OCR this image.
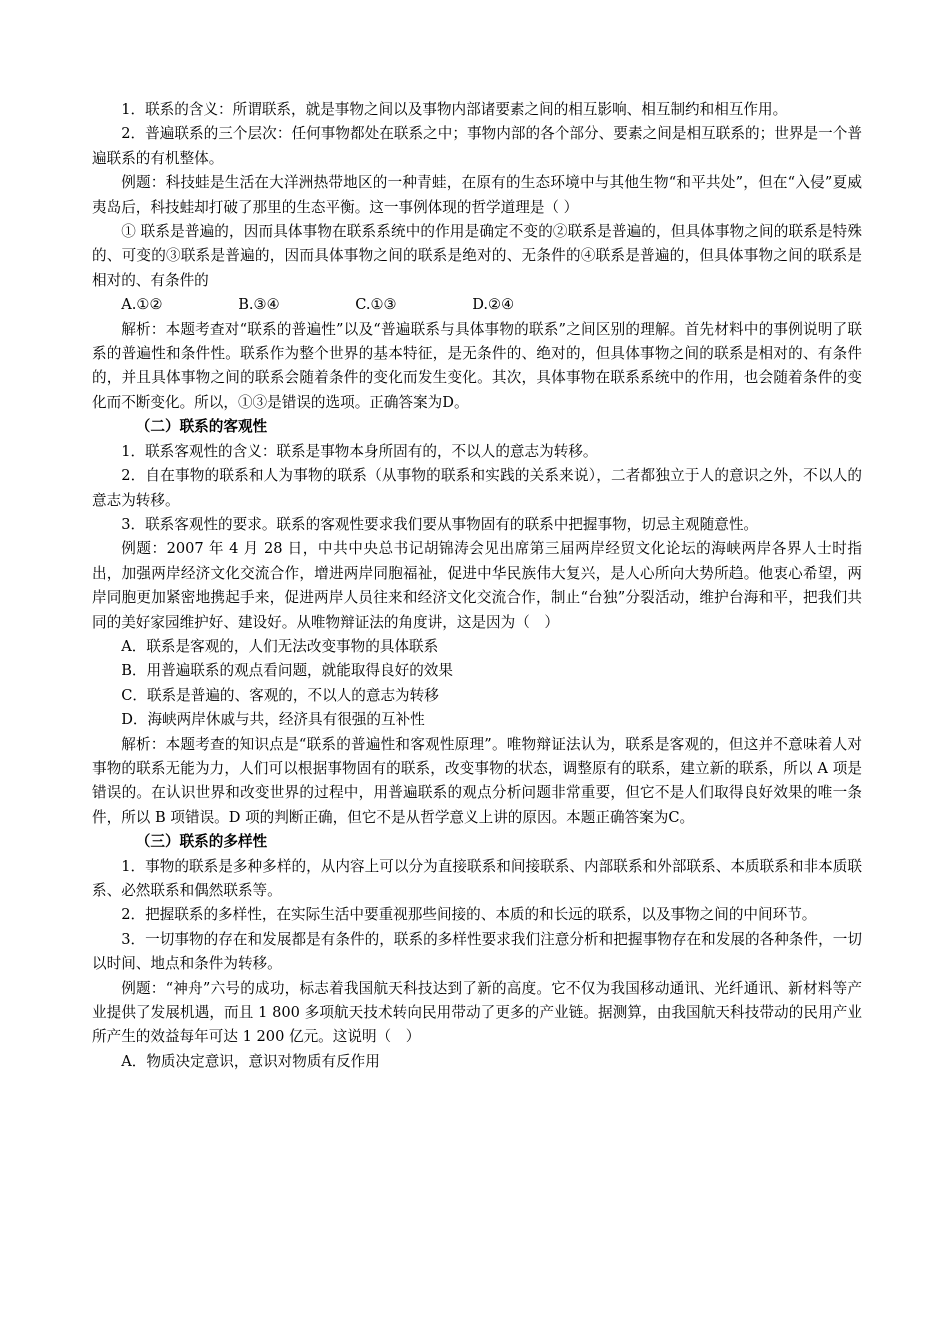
1．联系的含义：所谓联系，就是事物之间以及事物内部诸要素之间的相互影响、相互制约和相互作用。

2．普遍联系的三个层次：任何事物都处在联系之中；事物内部的各个部分、要素之间是相互联系的；世界是一个普遍联系的有机整体。

例题：科技蛙是生活在大洋洲热带地区的一种青蛙，在原有的生态环境中与其他生物“和平共处”，但在“入侵”夏威夷岛后，科技蛙却打破了那里的生态平衡。这一事例体现的哲学道理是（ ）

① 联系是普遍的，因而具体事物在联系系统中的作用是确定不变的②联系是普遍的，但具体事物之间的联系是特殊的、可变的③联系是普遍的，因而具体事物之间的联系是绝对的、无条件的④联系是普遍的，但具体事物之间的联系是相对的、有条件的

A.①②	B.③④	C.①③	D.②④

解析：本题考查对“联系的普遍性”以及“普遍联系与具体事物的联系”之间区别的理解。首先材料中的事例说明了联系的普遍性和条件性。联系作为整个世界的基本特征，是无条件的、绝对的，但具体事物之间的联系是相对的、有条件的，并且具体事物之间的联系会随着条件的变化而发生变化。其次，具体事物在联系系统中的作用，也会随着条件的变化而不断变化。所以，①③是错误的选项。正确答案为D。

（二）联系的客观性

1．联系客观性的含义：联系是事物本身所固有的，不以人的意志为转移。

2．自在事物的联系和人为事物的联系（从事物的联系和实践的关系来说），二者都独立于人的意识之外，不以人的意志为转移。

3．联系客观性的要求。联系的客观性要求我们要从事物固有的联系中把握事物，切忌主观随意性。

例题：2007 年 4 月 28 日，中共中央总书记胡锦涛会见出席第三届两岸经贸文化论坛的海峡两岸各界人士时指出，加强两岸经济文化交流合作，增进两岸同胞福祉，促进中华民族伟大复兴，是人心所向大势所趋。他衷心希望，两岸同胞更加紧密地携起手来，促进两岸人员往来和经济文化交流合作，制止“台独”分裂活动，维护台海和平，把我们共同的美好家园维护好、建设好。从唯物辩证法的角度讲，这是因为（　）

A．联系是客观的，人们无法改变事物的具体联系

B．用普遍联系的观点看问题，就能取得良好的效果

C．联系是普遍的、客观的，不以人的意志为转移

D．海峡两岸休戚与共，经济具有很强的互补性

解析：本题考查的知识点是“联系的普遍性和客观性原理”。唯物辩证法认为，联系是客观的，但这并不意味着人对事物的联系无能为力，人们可以根据事物固有的联系，改变事物的状态，调整原有的联系，建立新的联系，所以 A 项是错误的。在认识世界和改变世界的过程中，用普遍联系的观点分析问题非常重要，但它不是人们取得良好效果的唯一条件，所以 B 项错误。D 项的判断正确，但它不是从哲学意义上讲的原因。本题正确答案为C。

（三）联系的多样性

1．事物的联系是多种多样的，从内容上可以分为直接联系和间接联系、内部联系和外部联系、本质联系和非本质联系、必然联系和偶然联系等。

2．把握联系的多样性，在实际生活中要重视那些间接的、本质的和长远的联系，以及事物之间的中间环节。

3．一切事物的存在和发展都是有条件的，联系的多样性要求我们注意分析和把握事物存在和发展的各种条件，一切以时间、地点和条件为转移。

例题：“神舟”六号的成功，标志着我国航天科技达到了新的高度。它不仅为我国移动通讯、光纤通讯、新材料等产业提供了发展机遇，而且 1 800 多项航天技术转向民用带动了更多的产业链。据测算，由我国航天科技带动的民用产业所产生的效益每年可达 1 200 亿元。这说明（　）

A．物质决定意识，意识对物质有反作用
